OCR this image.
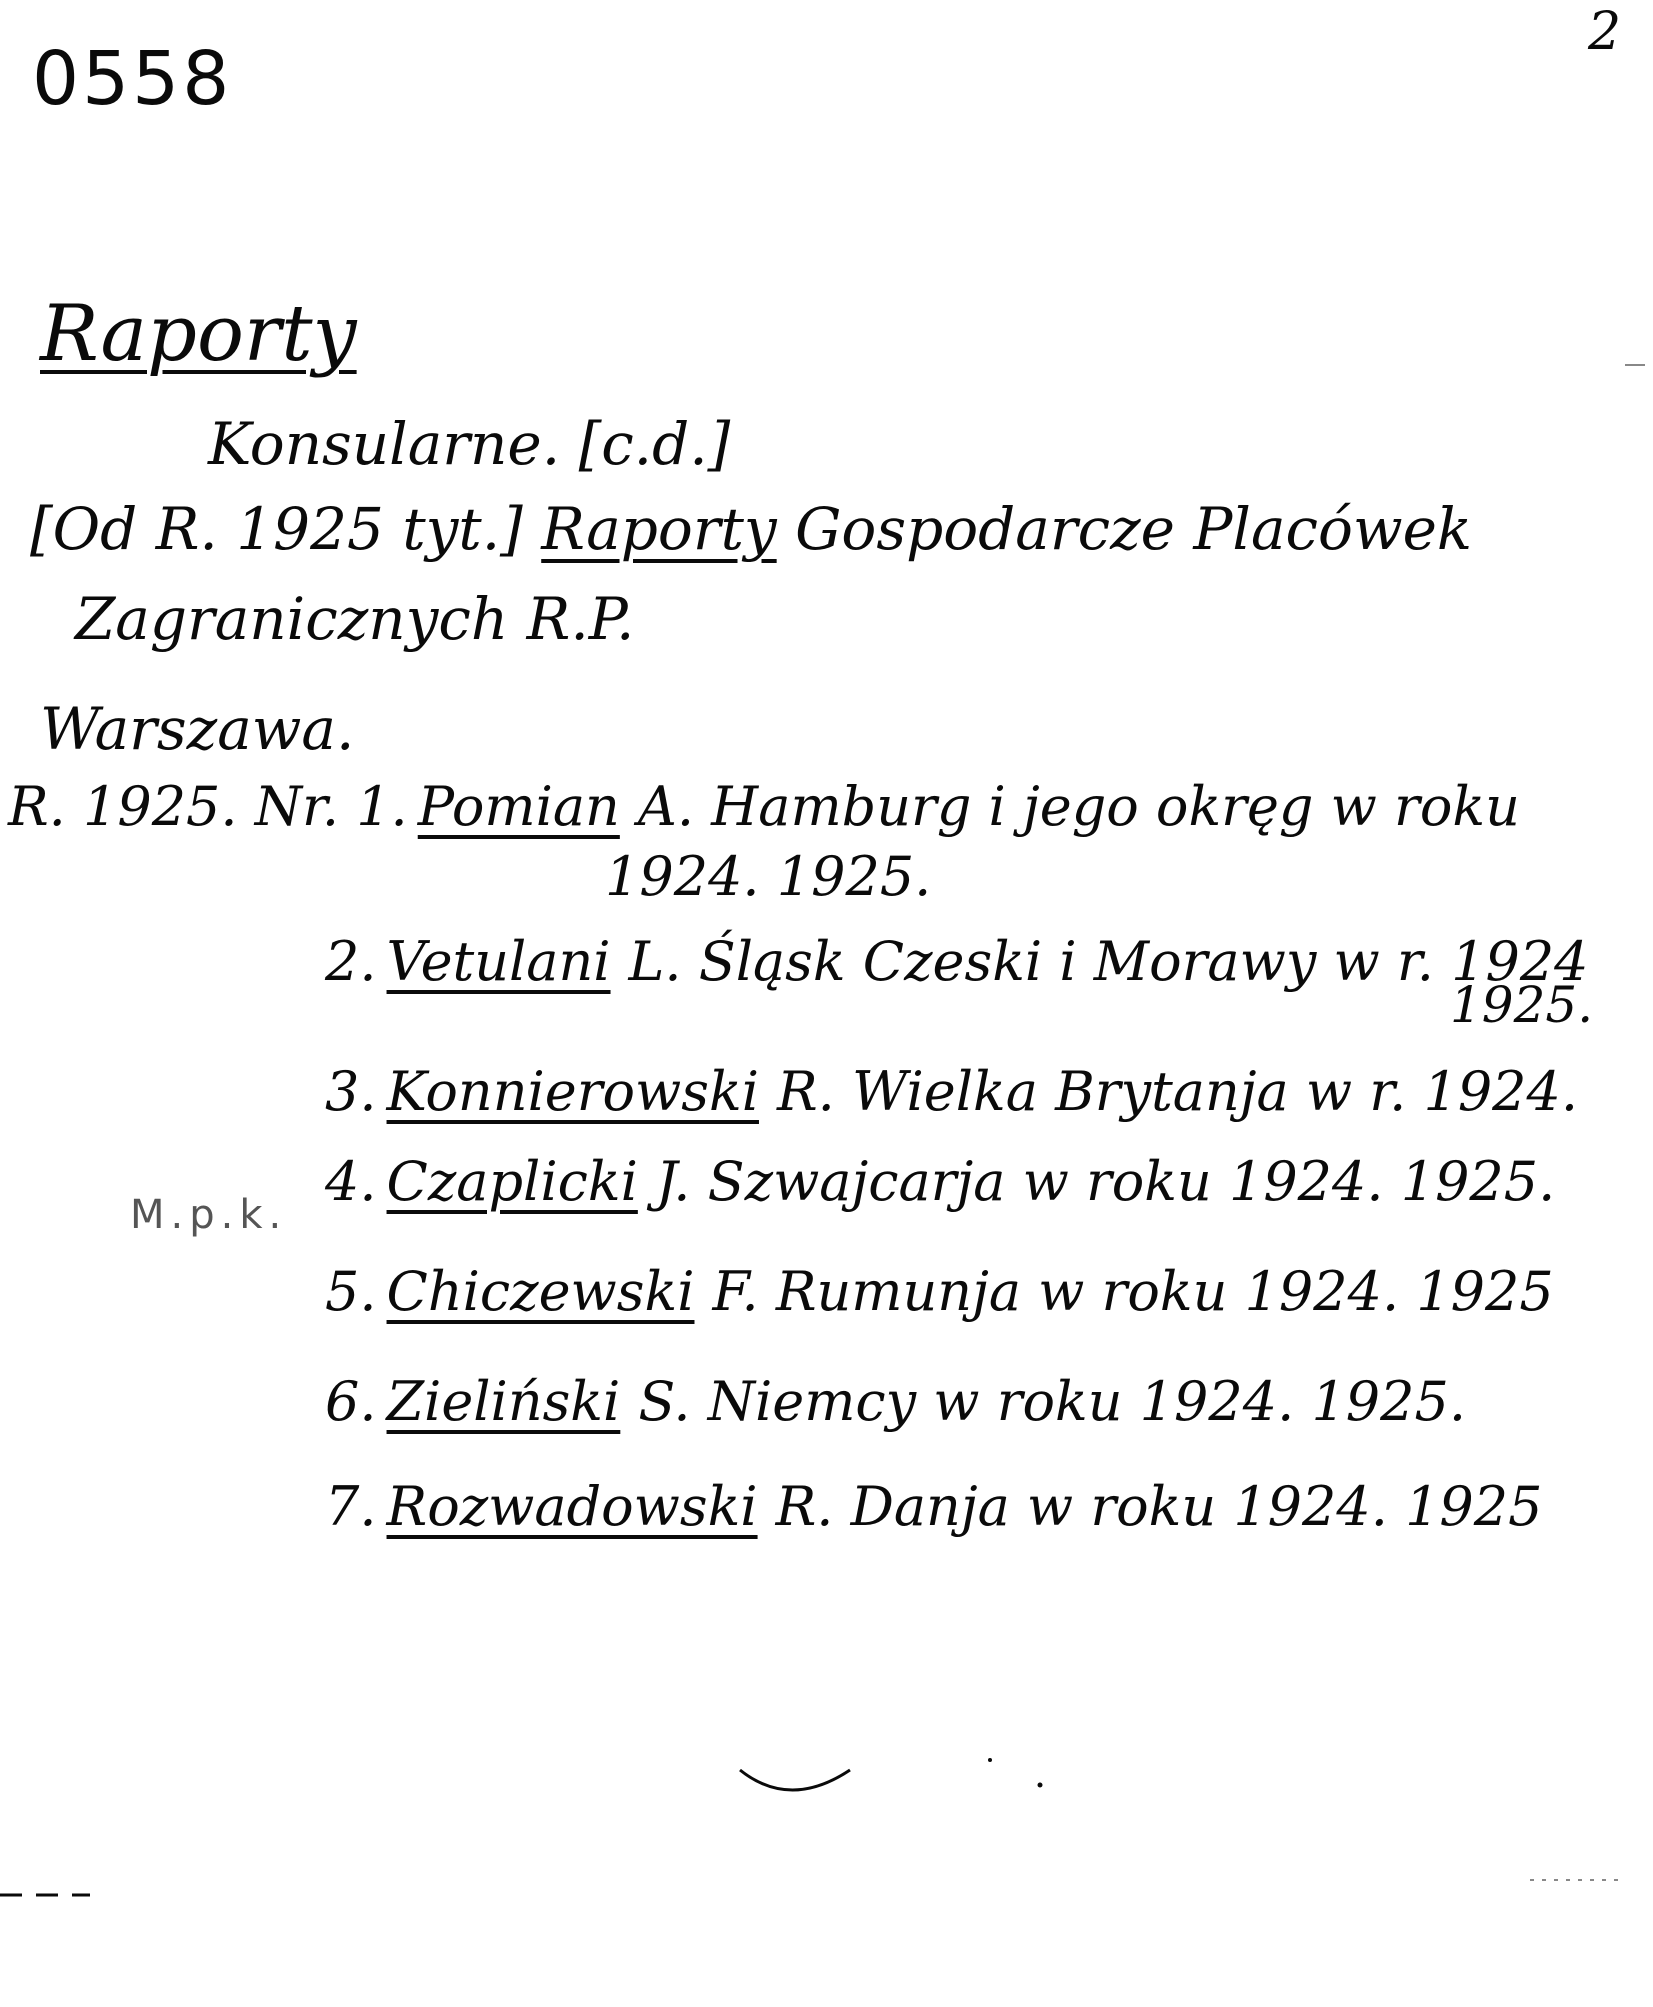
2
0558
Raporty
Konsularne. [c.d.]
[Od R. 1925 tyt.] Raporty Gospodarcze Placówek
Zagranicznych R.P.
Warszawa.
M.p.k.
R. 1925. Nr. 1. Pomian A. Hamburg i jego okręg w roku
1924. 1925.
2. Vetulani L. Śląsk Czeski i Morawy w r. 1924
1925.
3. Konnierowski R. Wielka Brytanja w r. 1924.
4. Czaplicki J. Szwajcarja w roku 1924. 1925.
5. Chiczewski F. Rumunja w roku 1924. 1925
6. Zieliński S. Niemcy w roku 1924. 1925.
7. Rozwadowski R. Danja w roku 1924. 1925
